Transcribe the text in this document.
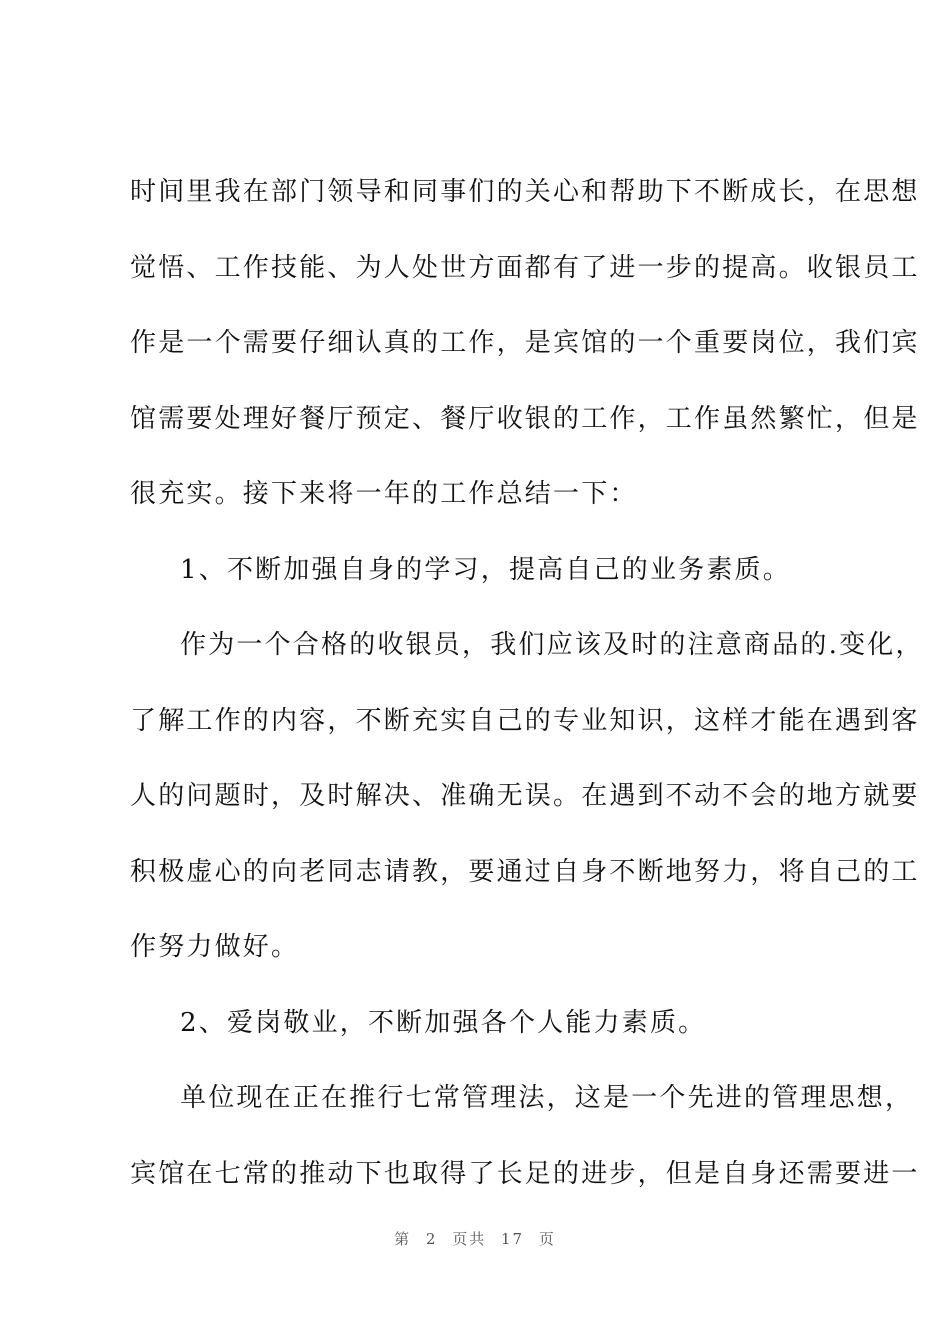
时间里我在部门领导和同事们的关心和帮助下不断成长，在思想
觉悟、工作技能、为人处世方面都有了进一步的提高。收银员工
作是一个需要仔细认真的工作，是宾馆的一个重要岗位，我们宾
馆需要处理好餐厅预定、餐厅收银的工作，工作虽然繁忙，但是
很充实。接下来将一年的工作总结一下：
1、不断加强自身的学习，提高自己的业务素质。
作为一个合格的收银员，我们应该及时的注意商品的.变化，
了解工作的内容，不断充实自己的专业知识，这样才能在遇到客
人的问题时，及时解决、准确无误。在遇到不动不会的地方就要
积极虚心的向老同志请教，要通过自身不断地努力，将自己的工
作努力做好。
2、爱岗敬业，不断加强各个人能力素质。
单位现在正在推行七常管理法，这是一个先进的管理思想，
宾馆在七常的推动下也取得了长足的进步，但是自身还需要进一
第 2 页共 17 页
